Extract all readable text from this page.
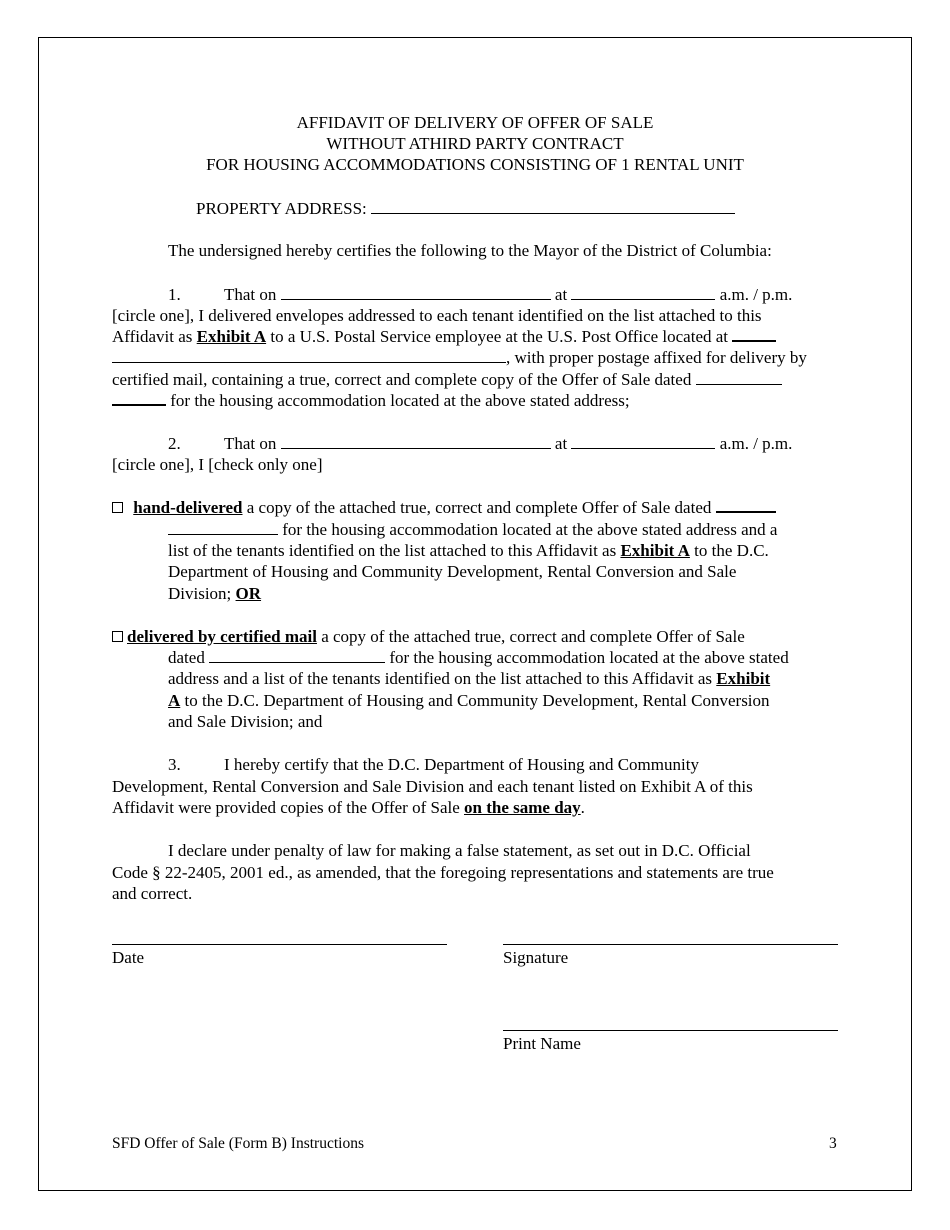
AFFIDAVIT OF DELIVERY OF OFFER OF SALE
WITHOUT ATHIRD PARTY CONTRACT
FOR HOUSING ACCOMMODATIONS CONSISTING OF 1 RENTAL UNIT
PROPERTY ADDRESS:
The undersigned hereby certifies the following to the Mayor of the District of Columbia:
1.	That on	at	a.m. / p.m.
[circle one], I delivered envelopes addressed to each tenant identified on the list attached to this
Affidavit as Exhibit A to a U.S. Postal Service employee at the U.S. Post Office located at
, with proper postage affixed for delivery by
certified mail, containing a true, correct and complete copy of the Offer of Sale dated
for the housing accommodation located at the above stated address;
2.	That on	at	a.m. / p.m.
[circle one], I [check only one]
hand-delivered a copy of the attached true, correct and complete Offer of Sale dated
for the housing accommodation located at the above stated address and a
list of the tenants identified on the list attached to this Affidavit as Exhibit A to the D.C.
Department of Housing and Community Development, Rental Conversion and Sale
Division; OR
delivered by certified mail a copy of the attached true, correct and complete Offer of Sale
dated	for the housing accommodation located at the above stated
address and a list of the tenants identified on the list attached to this Affidavit as Exhibit
A to the D.C. Department of Housing and Community Development, Rental Conversion
and Sale Division; and
3.	I hereby certify that the D.C. Department of Housing and Community
Development, Rental Conversion and Sale Division and each tenant listed on Exhibit A of this
Affidavit were provided copies of the Offer of Sale on the same day.
I declare under penalty of law for making a false statement, as set out in D.C. Official
Code § 22-2405, 2001 ed., as amended, that the foregoing representations and statements are true
and correct.
Date	Signature
Print Name
SFD Offer of Sale (Form B) Instructions	3
